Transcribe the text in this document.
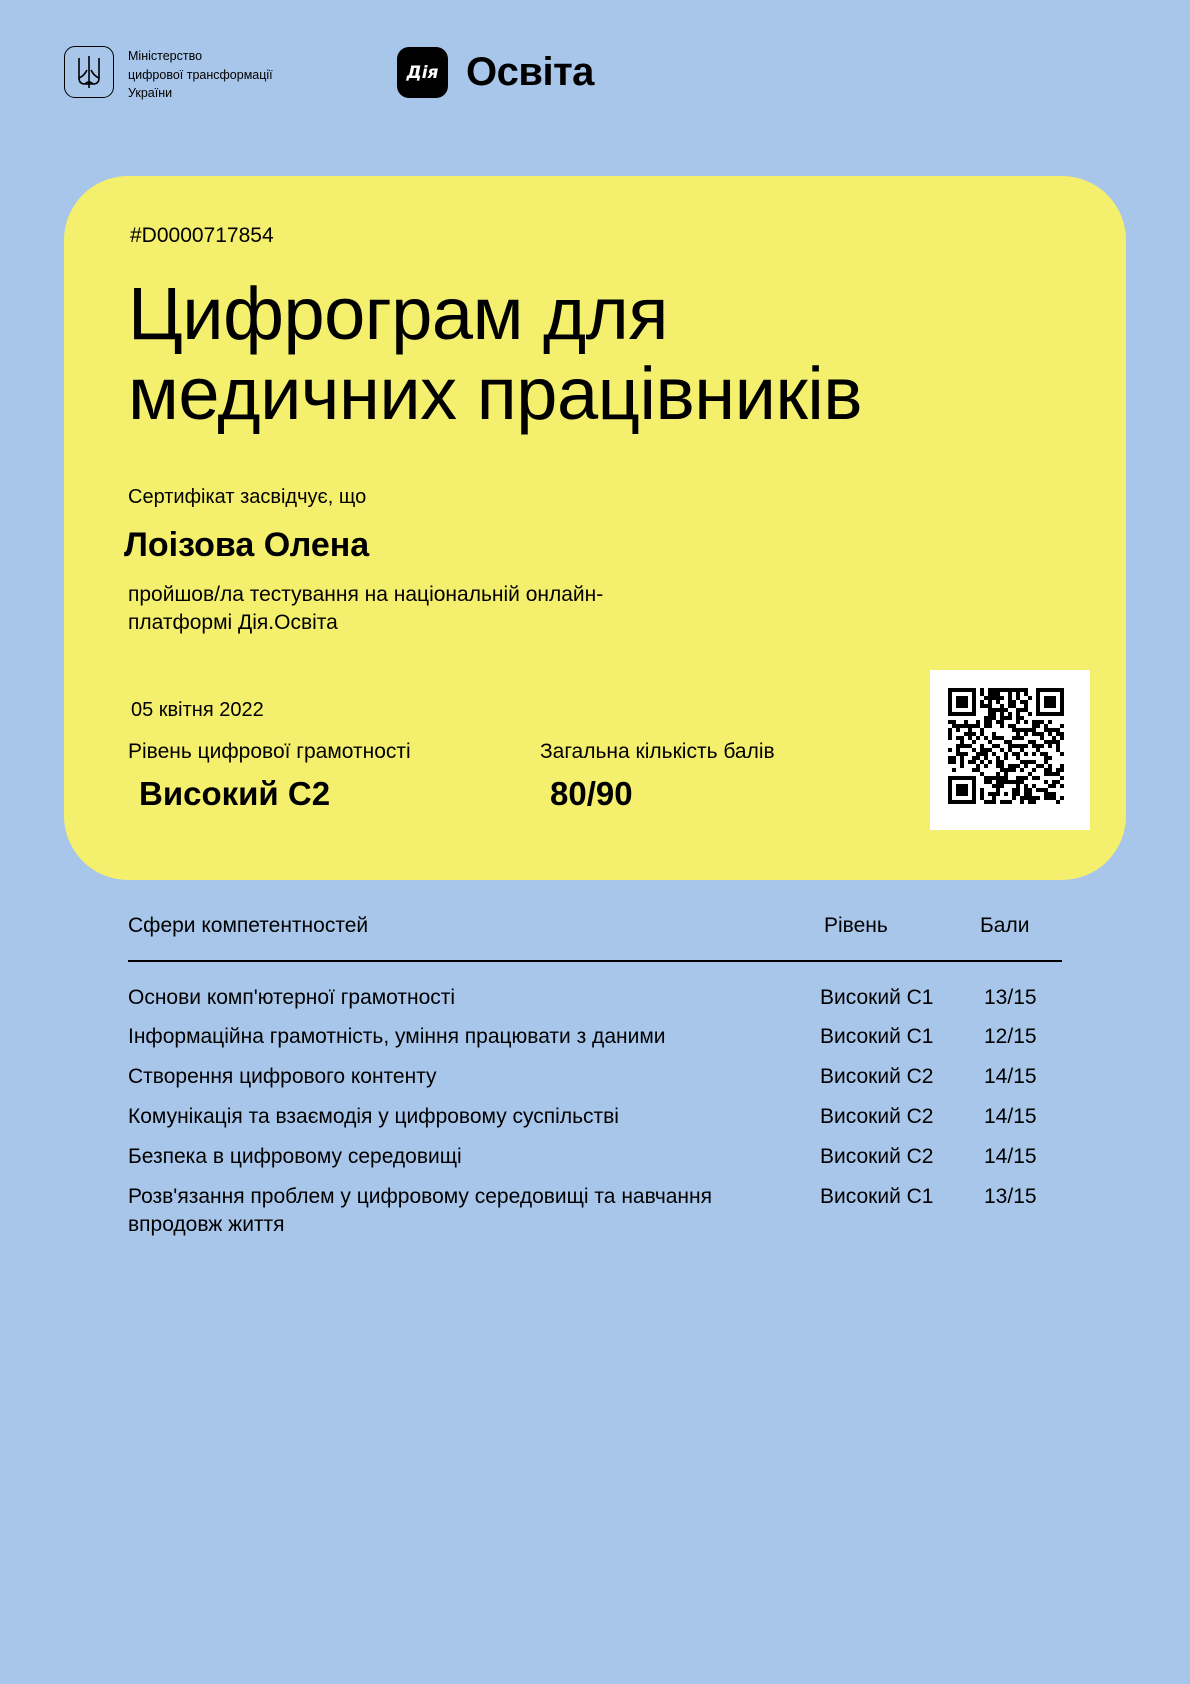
Міністерство
цифрової трансформації
України
Дія Освіта
#D0000717854
Цифрограм для
медичних працівників
Сертифікат засвідчує, що
Лоізова Олена
пройшов/ла тестування на національній онлайн-
платформі Дія.Освіта
05 квітня 2022
Рівень цифрової грамотності
Високий С2
Загальна кількість балів
80/90
Сфери компетентностей	Рівень	Бали
Основи комп'ютерної грамотності	Високий С1 13/15
Інформаційна грамотність, уміння працювати з даними	Високий С1 12/15
Створення цифрового контенту	Високий С2 14/15
Комунікація та взаємодія у цифровому суспільстві	Високий С2 14/15
Безпека в цифровому середовищі	Високий С2 14/15
Розв'язання проблем у цифровому середовищі та навчання впродовж життя
Високий С1 13/15
